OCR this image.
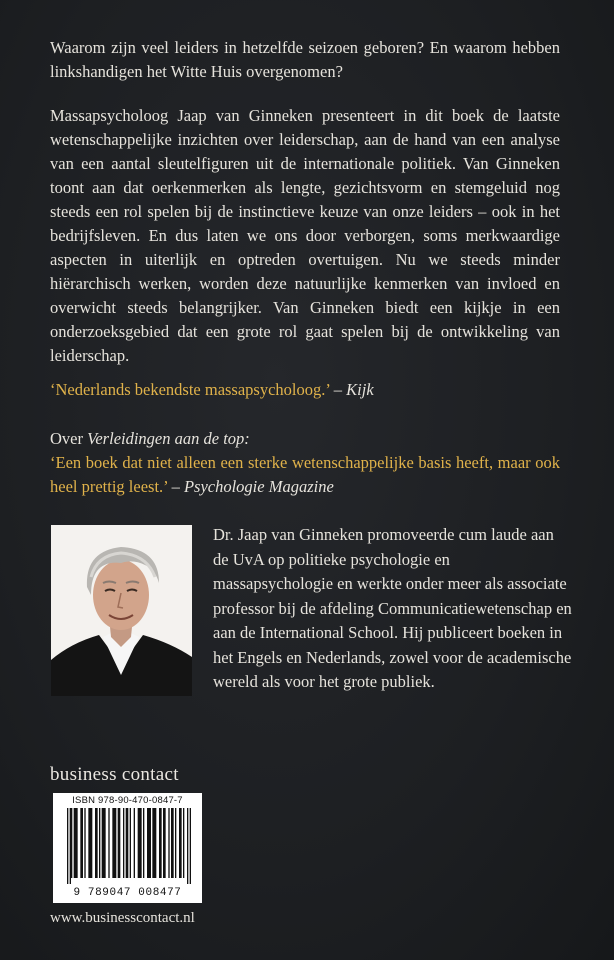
Waarom zijn veel leiders in hetzelfde seizoen geboren? En waarom hebben linkshandigen het Witte Huis overgenomen?

Massapsycholoog Jaap van Ginneken presenteert in dit boek de laatste wetenschappelijke inzichten over leiderschap, aan de hand van een analyse van een aantal sleutelfiguren uit de internationale politiek. Van Ginneken toont aan dat oerkenmerken als lengte, gezichtsvorm en stemgeluid nog steeds een rol spelen bij de instinctieve keuze van onze leiders – ook in het bedrijfsleven. En dus laten we ons door verborgen, soms merkwaardige aspecten in uiterlijk en optreden overtuigen. Nu we steeds minder hiërarchisch werken, worden deze natuurlijke kenmerken van invloed en overwicht steeds belangrijker. Van Ginneken biedt een kijkje in een onderzoeksgebied dat een grote rol gaat spelen bij de ontwikkeling van leiderschap.

‘Nederlands bekendste massapsycholoog.’ – Kijk

Over Verleidingen aan de top:

‘Een boek dat niet alleen een sterke wetenschappelijke basis heeft, maar ook heel prettig leest.’ – Psychologie Magazine

Dr. Jaap van Ginneken promoveerde cum laude aan de UvA op politieke psychologie en massapsychologie en werkte onder meer als associate professor bij de afdeling Communicatiewetenschap en aan de International School. Hij publiceert boeken in het Engels en Nederlands, zowel voor de academische wereld als voor het grote publiek.

business contact
ISBN 978-90-470-0847-7
9 789047 008477
www.businesscontact.nl
